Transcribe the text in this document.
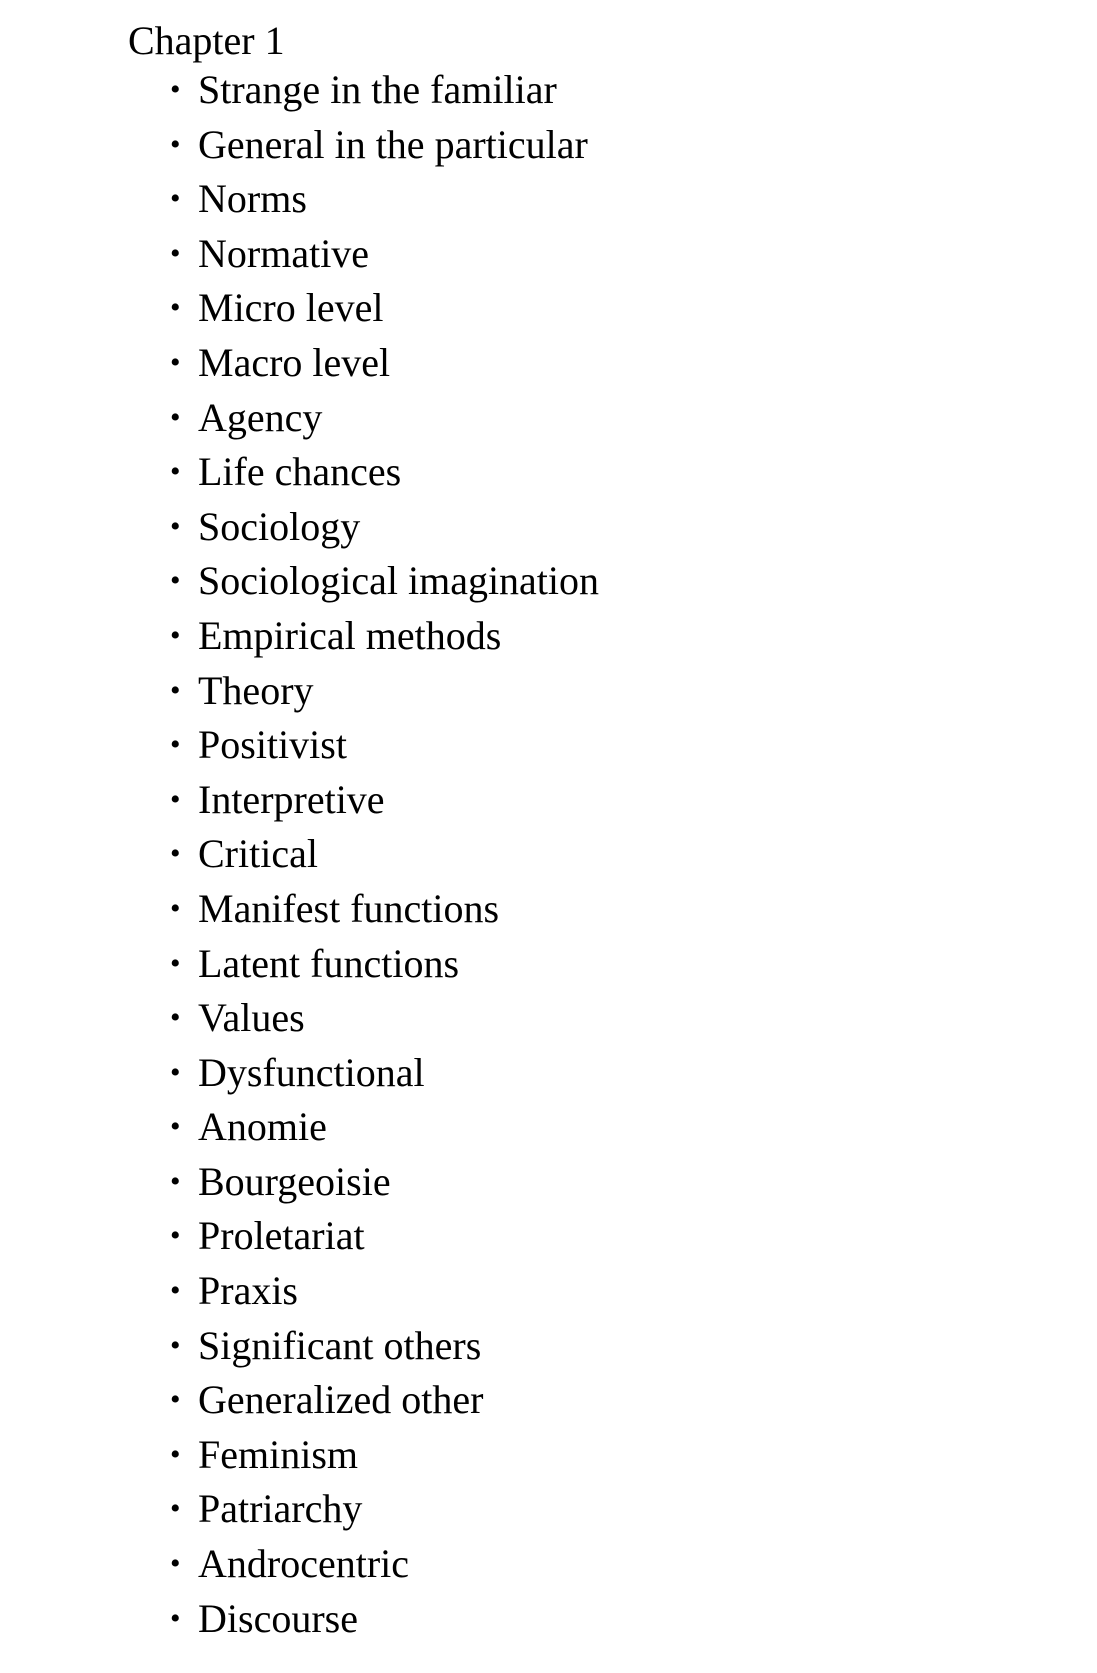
Chapter 1
• Strange in the familiar
• General in the particular
• Norms
• Normative
• Micro level
• Macro level
• Agency
• Life chances
• Sociology
• Sociological imagination
• Empirical methods
• Theory
• Positivist
• Interpretive
• Critical
• Manifest functions
• Latent functions
• Values
• Dysfunctional
• Anomie
• Bourgeoisie
• Proletariat
• Praxis
• Significant others
• Generalized other
• Feminism
• Patriarchy
• Androcentric
• Discourse
